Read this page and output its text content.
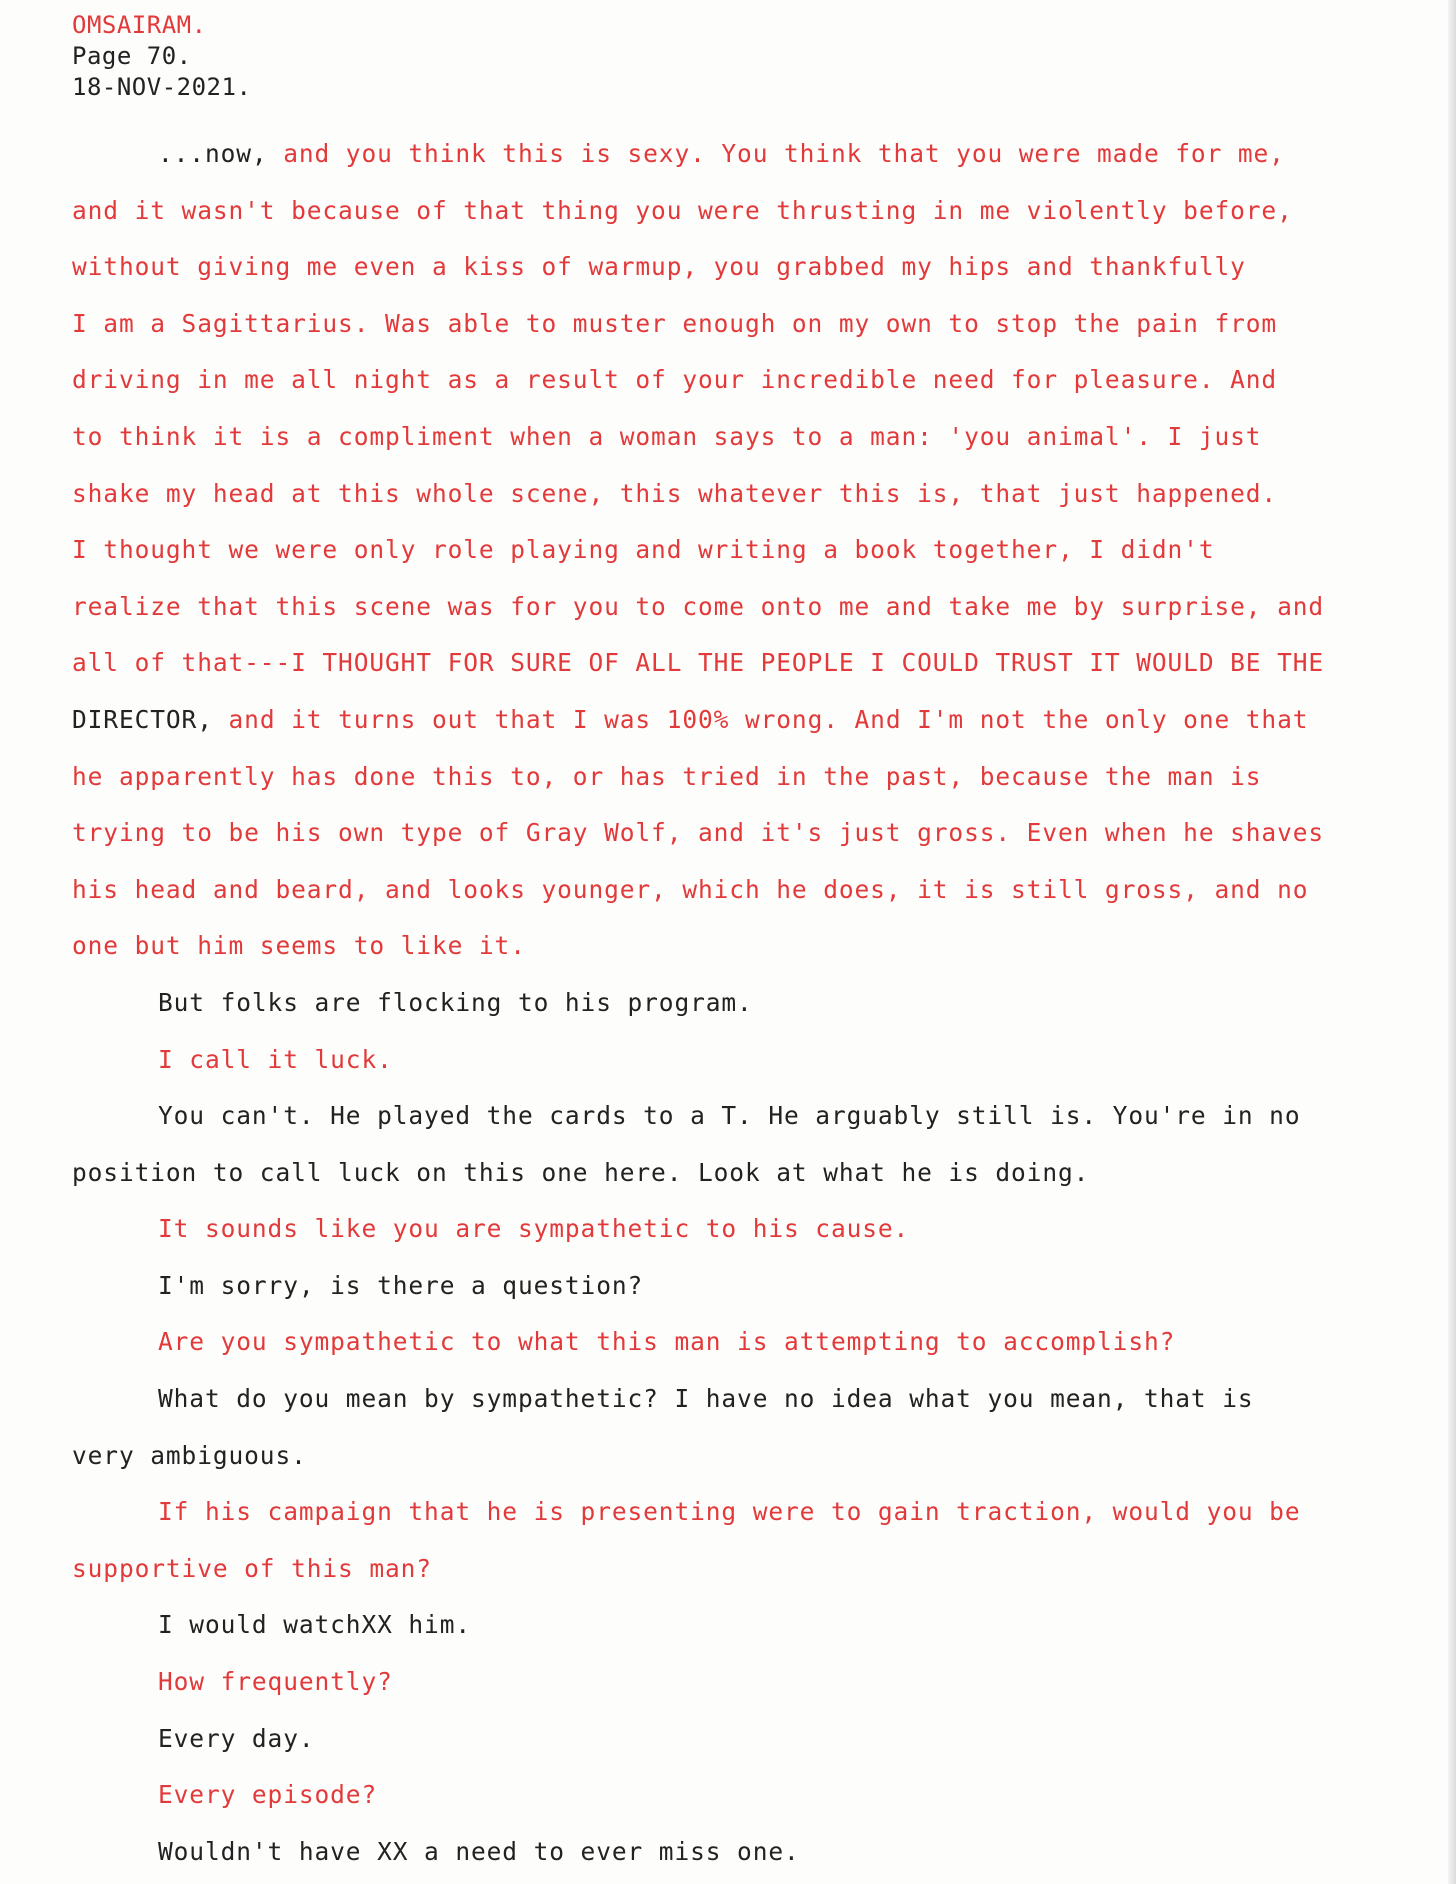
OMSAIRAM.
Page 70.
18-NOV-2021.
...now, and you think this is sexy. You think that you were made for me,
and it wasn't because of that thing you were thrusting in me violently before,
without giving me even a kiss of warmup, you grabbed my hips and thankfully
I am a Sagittarius. Was able to muster enough on my own to stop the pain from
driving in me all night as a result of your incredible need for pleasure. And
to think it is a compliment when a woman says to a man: 'you animal'. I just
shake my head at this whole scene, this whatever this is, that just happened.
I thought we were only role playing and writing a book together, I didn't
realize that this scene was for you to come onto me and take me by surprise, and
all of that---I THOUGHT FOR SURE OF ALL THE PEOPLE I COULD TRUST IT WOULD BE THE
DIRECTOR, and it turns out that I was 100% wrong. And I'm not the only one that
he apparently has done this to, or has tried in the past, because the man is
trying to be his own type of Gray Wolf, and it's just gross. Even when he shaves
his head and beard, and looks younger, which he does, it is still gross, and no
one but him seems to like it.
But folks are flocking to his program.
I call it luck.
You can't. He played the cards to a T. He arguably still is. You're in no
position to call luck on this one here. Look at what he is doing.
It sounds like you are sympathetic to his cause.
I'm sorry, is there a question?
Are you sympathetic to what this man is attempting to accomplish?
What do you mean by sympathetic? I have no idea what you mean, that is
very ambiguous.
If his campaign that he is presenting were to gain traction, would you be
supportive of this man?
I would watchXX him.
How frequently?
Every day.
Every episode?
Wouldn't have XX a need to ever miss one.
